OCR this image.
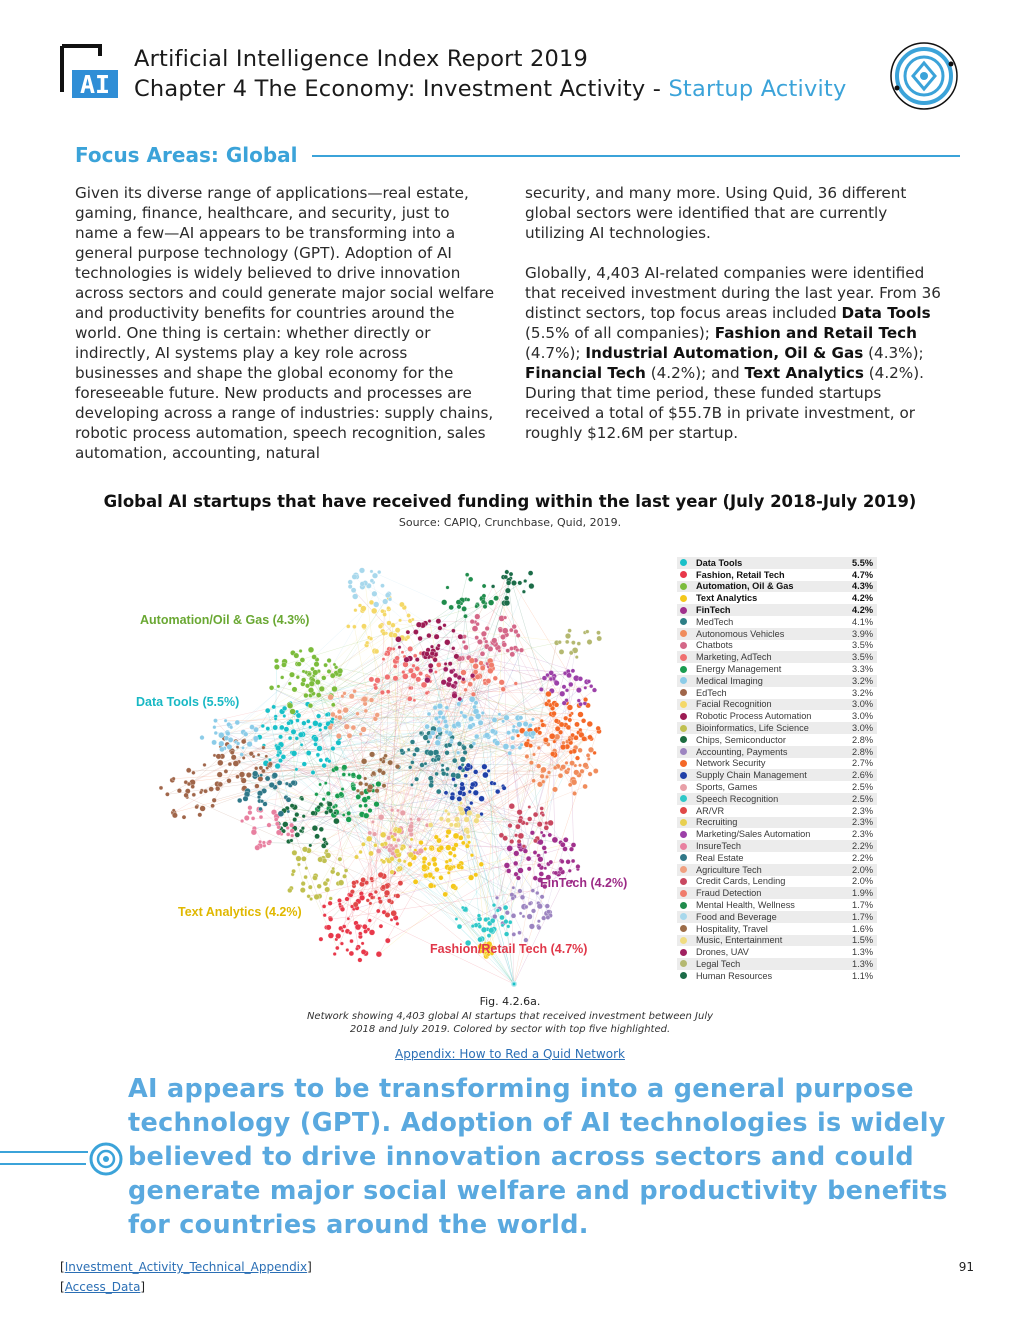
AI
Artificial Intelligence Index Report 2019
Chapter 4 The Economy: Investment Activity - Startup Activity
Focus Areas: Global

Given its diverse range of applications—real estate, gaming, finance, healthcare, and security, just to name a few—AI appears to be transforming into a general purpose technology (GPT). Adoption of AI technologies is widely believed to drive innovation across sectors and could generate major social welfare and productivity benefits for countries around the world. One thing is certain: whether directly or indirectly, AI systems play a key role across businesses and shape the global economy for the foreseeable future. New products and processes are developing across a range of industries: supply chains, robotic process automation, speech recognition, sales automation, accounting, natural

security, and many more. Using Quid, 36 different global sectors were identified that are currently utilizing AI technologies.

Globally, 4,403 AI-related companies were identified that received investment during the last year. From 36 distinct sectors, top focus areas included Data Tools (5.5% of all companies); Fashion and Retail Tech (4.7%); Industrial Automation, Oil & Gas (4.3%); Financial Tech (4.2%); and Text Analytics (4.2%). During that time period, these funded startups received a total of $55.7B in private investment, or roughly $12.6M per startup.

Global AI startups that have received funding within the last year (July 2018-July 2019)
Source: CAPIQ, Crunchbase, Quid, 2019.
Automation/Oil & Gas (4.3%)
Data Tools (5.5%)
FinTech (4.2%)
Text Analytics (4.2%)
Fashion/Retail Tech (4.7%)
Data Tools	5.5%
Fashion, Retail Tech	4.7%
Automation, Oil & Gas	4.3%
Text Analytics	4.2%
FinTech	4.2%
MedTech	4.1%
Autonomous Vehicles	3.9%
Chatbots	3.5%
Marketing, AdTech	3.5%
Energy Management	3.3%
Medical Imaging	3.2%
EdTech	3.2%
Facial Recognition	3.0%
Robotic Process Automation	3.0%
Bioinformatics, Life Science	3.0%
Chips, Semiconductor	2.8%
Accounting, Payments	2.8%
Network Security	2.7%
Supply Chain Management	2.6%
Sports, Games	2.5%
Speech Recognition	2.5%
AR/VR	2.3%
Recruiting	2.3%
Marketing/Sales Automation	2.3%
InsureTech	2.2%
Real Estate	2.2%
Agriculture Tech	2.0%
Credit Cards, Lending	2.0%
Fraud Detection	1.9%
Mental Health, Wellness	1.7%
Food and Beverage	1.7%
Hospitality, Travel	1.6%
Music, Entertainment	1.5%
Drones, UAV	1.3%
Legal Tech	1.3%
Human Resources	1.1%
Fig. 4.2.6a.
Network showing 4,403 global AI startups that received investment between July 2018 and July 2019. Colored by sector with top five highlighted.
Appendix: How to Red a Quid Network
AI appears to be transforming into a general purpose technology (GPT). Adoption of AI technologies is widely believed to drive innovation across sectors and could generate major social welfare and productivity benefits for countries around the world.
[Investment_Activity_Technical_Appendix]
[Access_Data]
91
